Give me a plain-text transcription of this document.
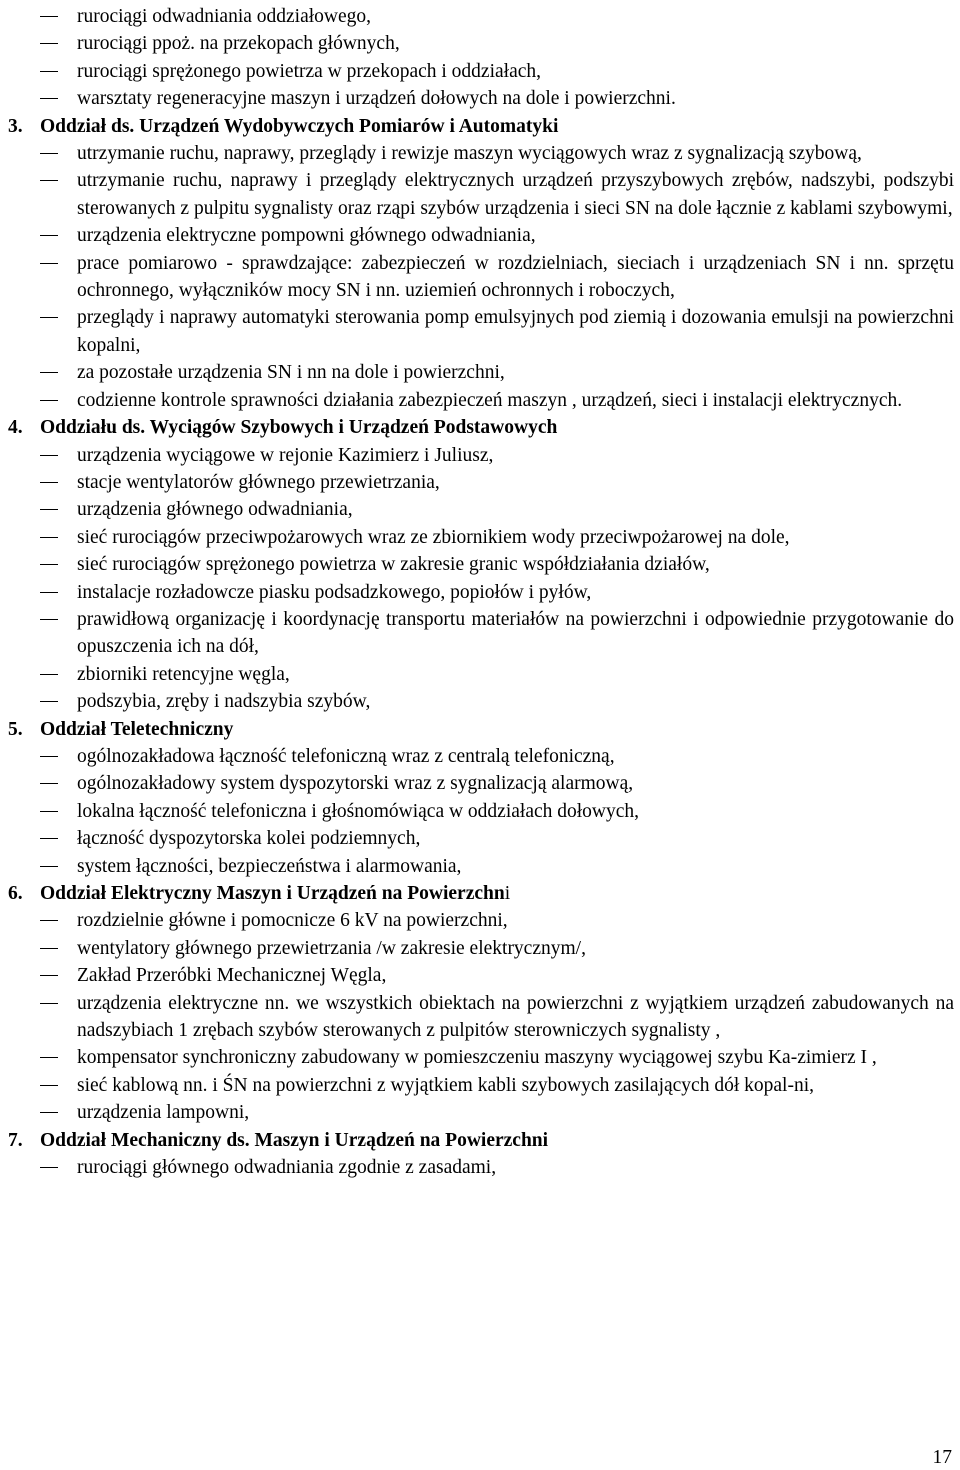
rurociągi odwadniania oddziałowego,
rurociągi ppoż. na przekopach głównych,
rurociągi sprężonego powietrza w przekopach i oddziałach,
warsztaty regeneracyjne maszyn i urządzeń dołowych na dole i powierzchni.
3. Oddział ds. Urządzeń Wydobywczych Pomiarów i Automatyki
utrzymanie ruchu, naprawy, przeglądy i rewizje maszyn wyciągowych wraz z sygnalizacją szybową,
utrzymanie ruchu, naprawy i przeglądy elektrycznych urządzeń przyszybowych zrębów, nadszybi, podszybi sterowanych z pulpitu sygnalisty oraz rząpi szybów urządzenia i sieci SN na dole łącznie z kablami szybowymi,
urządzenia elektryczne pompowni głównego odwadniania,
prace pomiarowo - sprawdzające: zabezpieczeń w rozdzielniach, sieciach i urządzeniach SN i nn. sprzętu ochronnego, wyłączników mocy SN i nn. uziemień ochronnych i roboczych,
przeglądy i naprawy automatyki sterowania pomp emulsyjnych pod ziemią i dozowania emulsji na powierzchni kopalni,
za pozostałe urządzenia SN i nn na dole i powierzchni,
codzienne kontrole sprawności działania zabezpieczeń maszyn , urządzeń, sieci i instalacji elektrycznych.
4. Oddziału ds. Wyciągów Szybowych i Urządzeń Podstawowych
urządzenia wyciągowe w rejonie Kazimierz i Juliusz,
stacje wentylatorów głównego przewietrzania,
urządzenia głównego odwadniania,
sieć rurociągów przeciwpożarowych wraz ze zbiornikiem wody przeciwpożarowej na dole,
sieć rurociągów sprężonego powietrza w zakresie granic współdziałania działów,
instalacje rozładowcze piasku podsadzkowego, popiołów i pyłów,
prawidłową organizację i koordynację transportu materiałów na powierzchni i odpowiednie przygotowanie do opuszczenia ich na dół,
zbiorniki retencyjne węgla,
podszybia, zręby i nadszybia szybów,
5. Oddział Teletechniczny
ogólnozakładowa łączność telefoniczną wraz z centralą telefoniczną,
ogólnozakładowy system dyspozytorski wraz z sygnalizacją alarmową,
lokalna łączność telefoniczna i głośnomówiąca w oddziałach dołowych,
łączność dyspozytorska kolei podziemnych,
system łączności, bezpieczeństwa i alarmowania,
6. Oddział Elektryczny Maszyn i Urządzeń na Powierzchni
rozdzielnie główne i pomocnicze 6 kV na powierzchni,
wentylatory głównego przewietrzania /w zakresie elektrycznym/,
Zakład Przeróbki Mechanicznej Węgla,
urządzenia elektryczne nn. we wszystkich obiektach na powierzchni z wyjątkiem urządzeń zabudowanych na nadszybiach 1 zrębach szybów sterowanych z pulpitów sterowniczych sygnalisty ,
kompensator synchroniczny zabudowany w pomieszczeniu maszyny wyciągowej szybu Ka-zimierz I ,
sieć kablową nn. i ŚN na powierzchni z wyjątkiem kabli szybowych zasilających dół kopal-ni,
urządzenia lampowni,
7. Oddział Mechaniczny ds. Maszyn i Urządzeń na Powierzchni
rurociągi głównego odwadniania zgodnie z zasadami,
17
